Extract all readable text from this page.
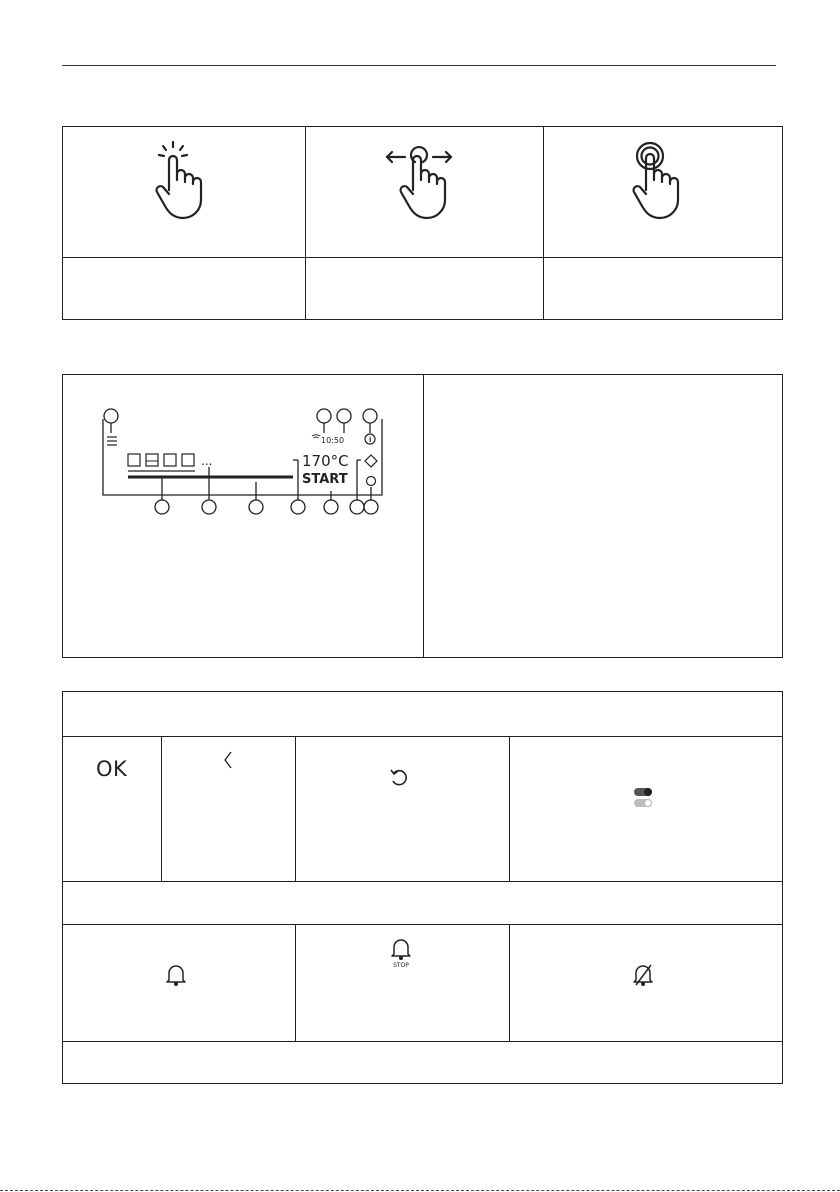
...
10:50
170°C
START
i
OK
STOP
